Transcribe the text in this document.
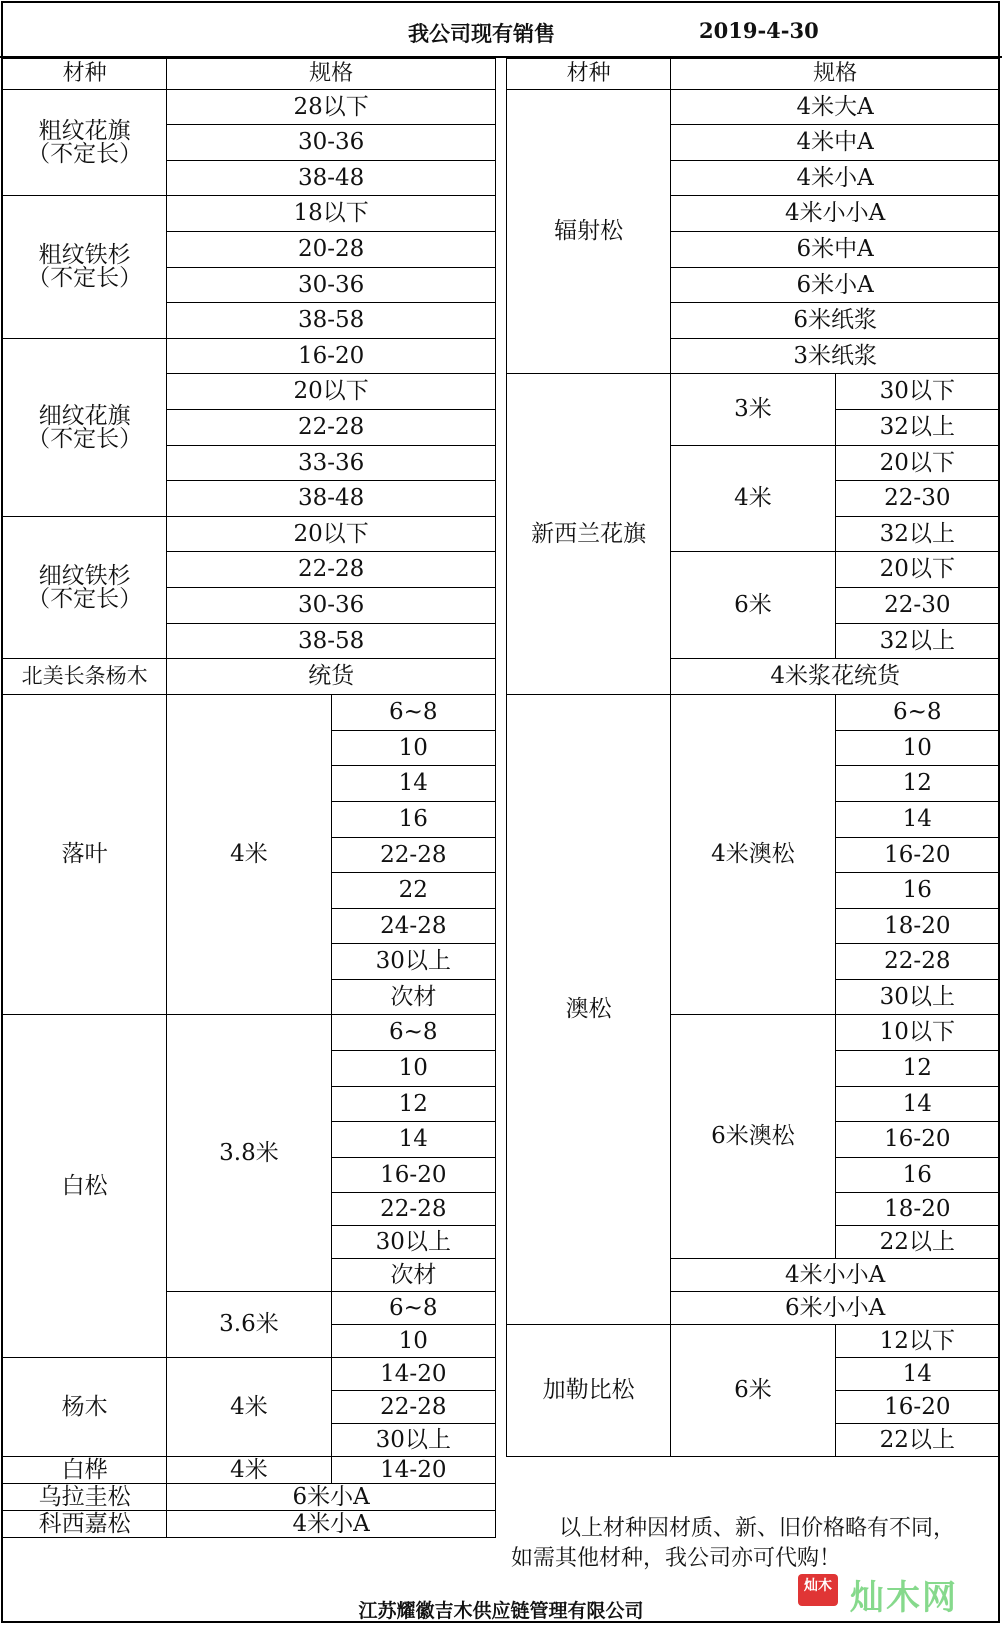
我公司现有销售	2019-4-30
材种	规格	
粗纹花旗
（不定长）	28以下	
	30-36	
	38-48	
粗纹铁杉
（不定长）	18以下	
	20-28	
	30-36	
	38-58	
细纹花旗
（不定长）	16-20	
	20以下	
	22-28	
	33-36	
	38-48	
细纹铁杉
（不定长）	20以下	
	22-28	
	30-36	
	38-58	
北美长条杨木	统货	
落叶	4米	6~8
		10
		14
		16
		22-28
		22
		24-28
		30以上
		次材
白松	3.8米	6~8
		10
		12
		14
		16-20
		22-28
		30以上
		次材
	3.6米	6~8
		10
杨木	4米	14-20
		22-28
		30以上
白桦	4米	14-20
乌拉圭松	6米小A	
科西嘉松	4米小A	
材种	规格	
辐射松	4米大A	
	4米中A	
	4米小A	
	4米小小A	
	6米中A	
	6米小A	
	6米纸浆	
	3米纸浆	
新西兰花旗	3米	30以下
		32以上
	4米	20以下
		22-30
		32以上
	6米	20以下
		22-30
		32以上
	4米浆花统货	
澳松	4米澳松	6~8
		10
		12
		14
		16-20
		16
		18-20
		22-28
		30以上
	6米澳松	10以下
		12
		14
		16-20
		16
		18-20
		22以上
	4米小小A	
	6米小小A	
加勒比松	6米	12以下
		14
		16-20
		22以上
以上材种因材质、新、旧价格略有不同，
如需其他材种，我公司亦可代购！
江苏耀徽吉木供应链管理有限公司
灿木
Anywood.com 灿木网
